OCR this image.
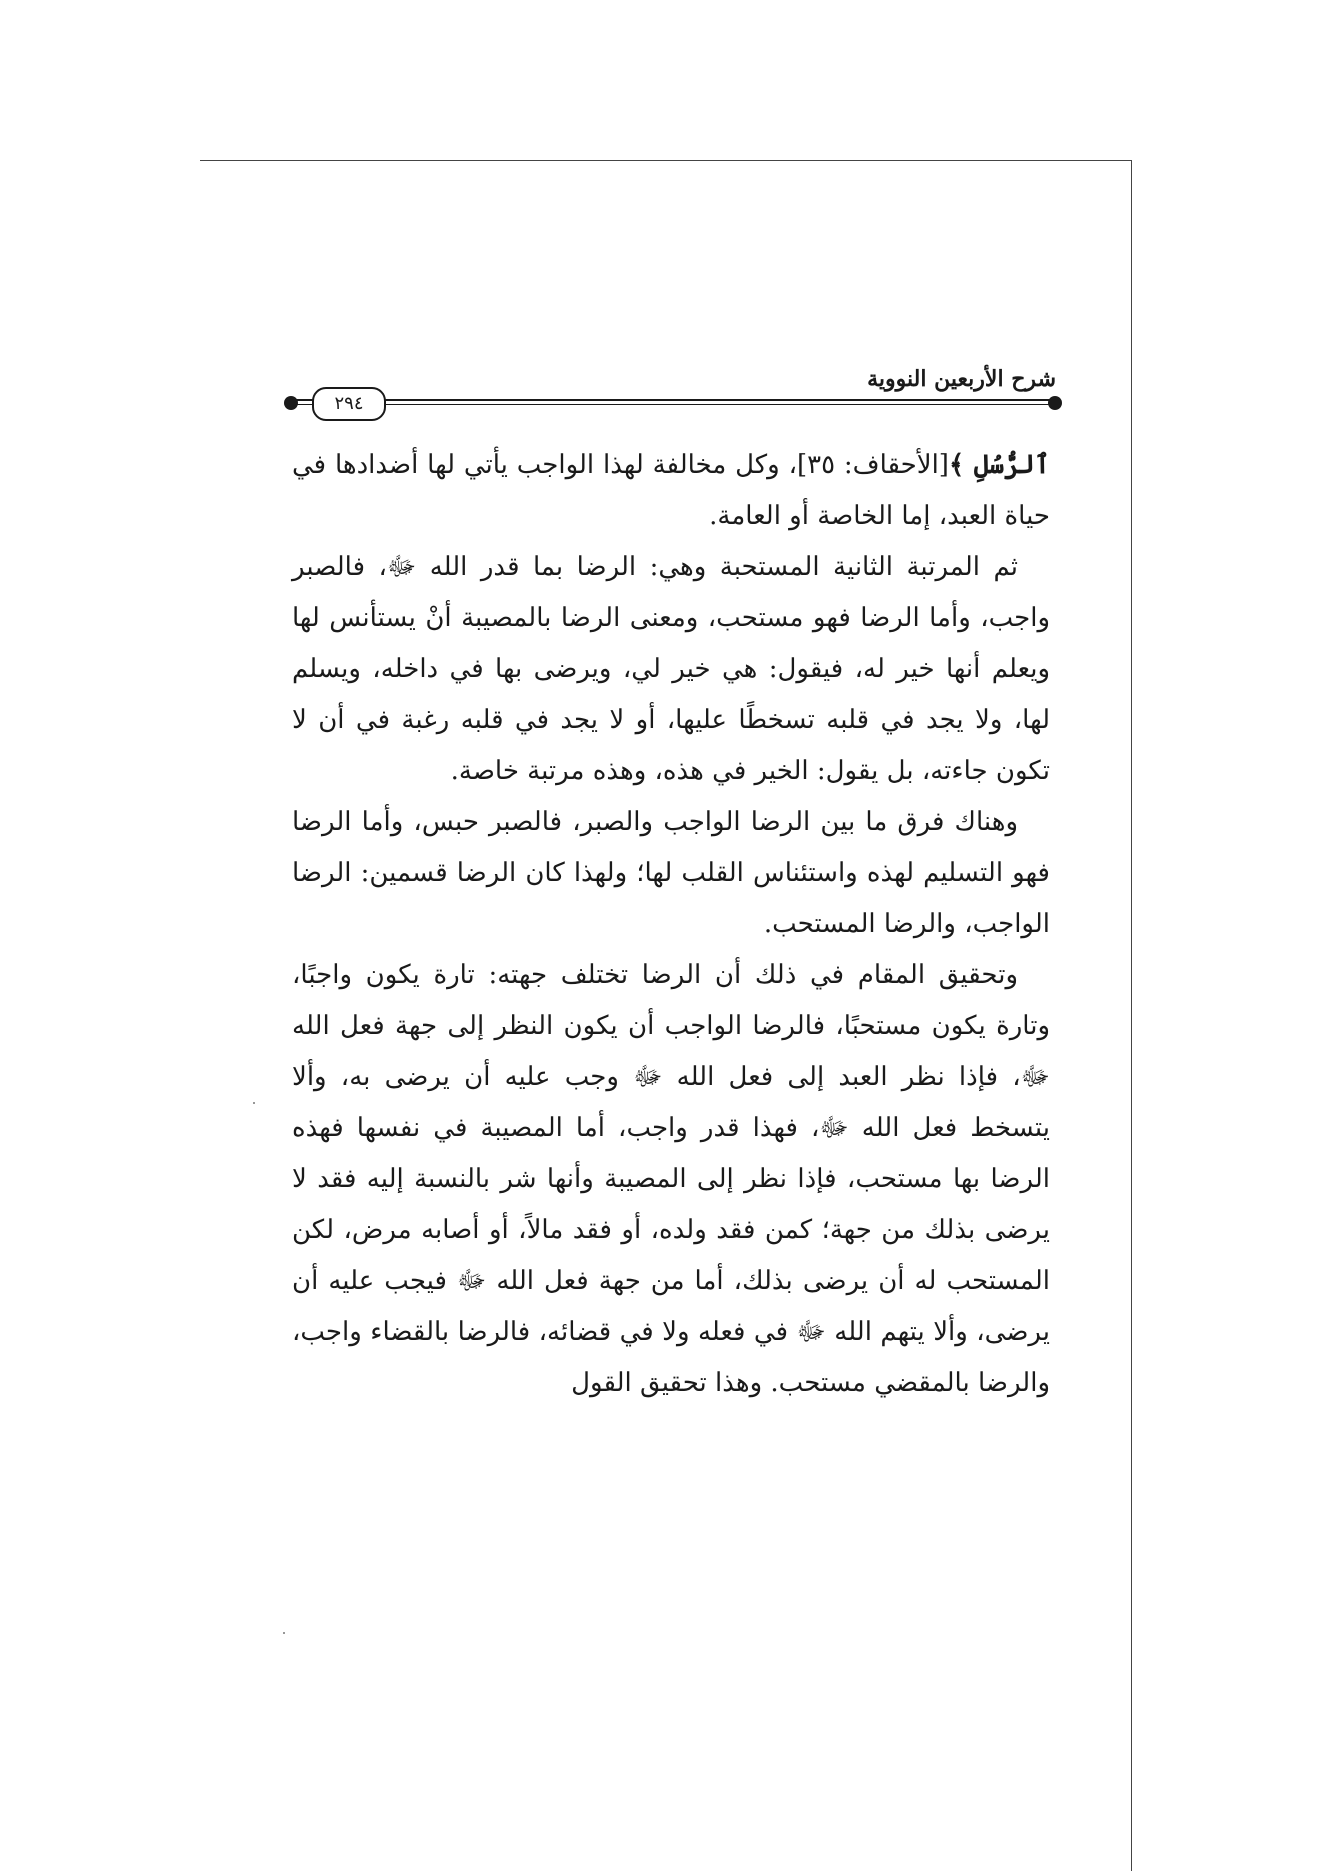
٢٩٤
شرح الأربعين النووية

ٱلرُّسُلِ ﴾[الأحقاف: ٣٥]، وكل مخالفة لهذا الواجب يأتي لها أضدادها في حياة العبد، إما الخاصة أو العامة.

ثم المرتبة الثانية المستحبة وهي: الرضا بما قدر الله ﷻ، فالصبر واجب، وأما الرضا فهو مستحب، ومعنى الرضا بالمصيبة أنْ يستأنس لها ويعلم أنها خير له، فيقول: هي خير لي، ويرضى بها في داخله، ويسلم لها، ولا يجد في قلبه تسخطًا عليها، أو لا يجد في قلبه رغبة في أن لا تكون جاءته، بل يقول: الخير في هذه، وهذه مرتبة خاصة.

وهناك فرق ما بين الرضا الواجب والصبر، فالصبر حبس، وأما الرضا فهو التسليم لهذه واستئناس القلب لها؛ ولهذا كان الرضا قسمين: الرضا الواجب، والرضا المستحب.

وتحقيق المقام في ذلك أن الرضا تختلف جهته: تارة يكون واجبًا، وتارة يكون مستحبًا، فالرضا الواجب أن يكون النظر إلى جهة فعل الله ﷻ، فإذا نظر العبد إلى فعل الله ﷻ وجب عليه أن يرضى به، وألا يتسخط فعل الله ﷻ، فهذا قدر واجب، أما المصيبة في نفسها فهذه الرضا بها مستحب، فإذا نظر إلى المصيبة وأنها شر بالنسبة إليه فقد لا يرضى بذلك من جهة؛ كمن فقد ولده، أو فقد مالاً، أو أصابه مرض، لكن المستحب له أن يرضى بذلك، أما من جهة فعل الله ﷻ فيجب عليه أن يرضى، وألا يتهم الله ﷻ في فعله ولا في قضائه، فالرضا بالقضاء واجب، والرضا بالمقضي مستحب. وهذا تحقيق القول
